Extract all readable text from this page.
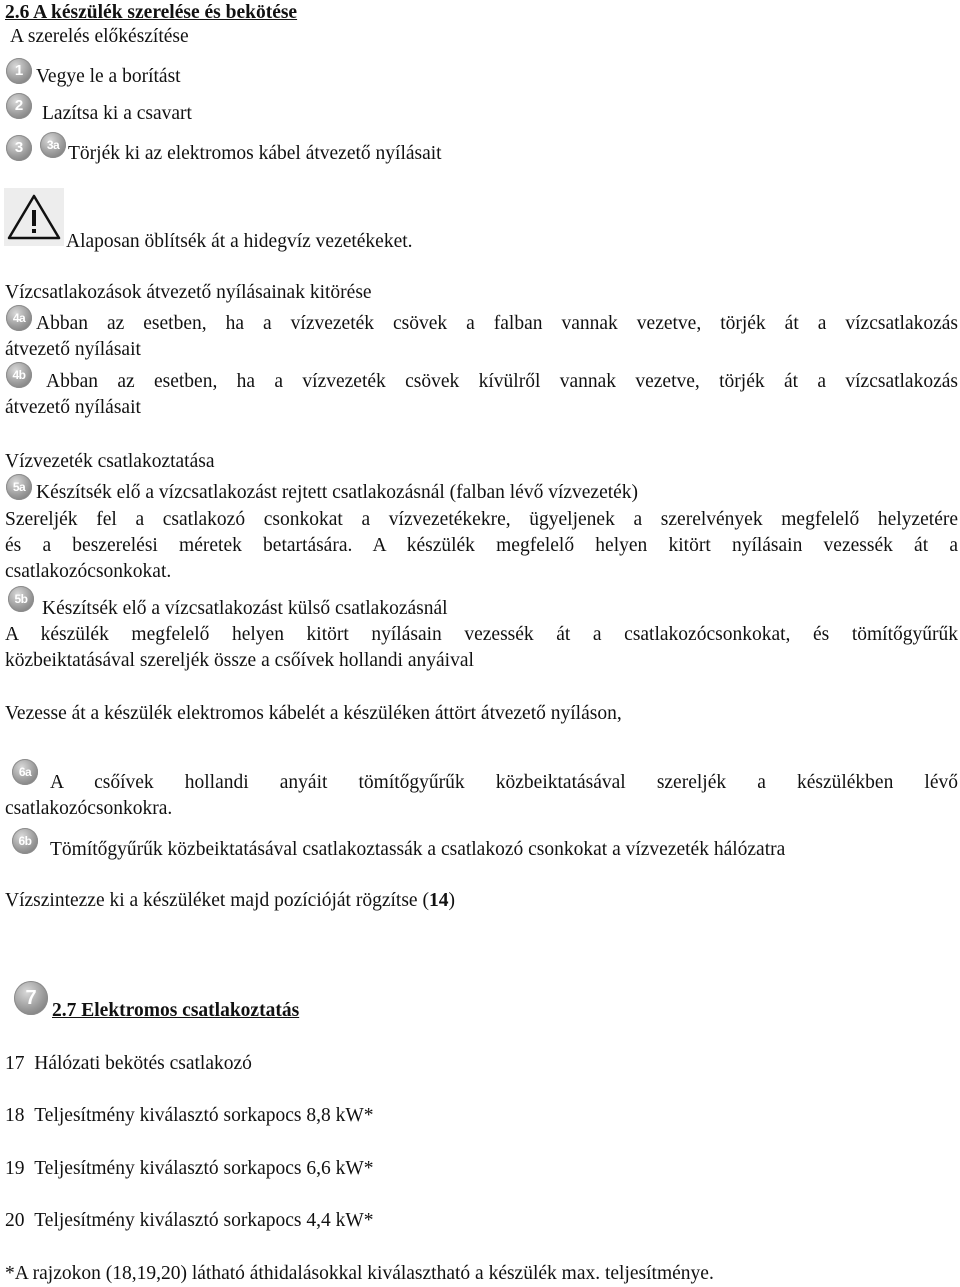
2.6 A készülék szerelése és bekötése
A szerelés előkészítése
1 Vegye le a borítást
2 Lazítsa ki a csavart
3	3a Törjék ki az elektromos kábel átvezető nyílásait
Alaposan öblítsék át a hidegvíz vezetékeket.
Vízcsatlakozások átvezető nyílásainak kitörése
4a Abban az esetben, ha a vízvezeték csövek a falban vannak vezetve, törjék át a vízcsatlakozás
átvezető nyílásait
4b	Abban az esetben, ha a vízvezeték csövek kívülről vannak vezetve, törjék át a vízcsatlakozás
átvezető nyílásait
Vízvezeték csatlakoztatása
5a Készítsék elő a vízcsatlakozást rejtett csatlakozásnál (falban lévő vízvezeték)
Szereljék fel a csatlakozó csonkokat a vízvezetékekre, ügyeljenek a szerelvények megfelelő helyzetére
és a beszerelési méretek betartására. A készülék megfelelő helyen kitört nyílásain vezessék át a
csatlakozócsonkokat.
5b Készítsék elő a vízcsatlakozást külső csatlakozásnál
A készülék megfelelő helyen kitört nyílásain vezessék át a csatlakozócsonkokat, és tömítőgyűrűk
közbeiktatásával szereljék össze a csőívek hollandi anyáival
Vezesse át a készülék elektromos kábelét a készüléken áttört átvezető nyíláson,
6a A csőívek hollandi anyáit tömítőgyűrűk közbeiktatásával szereljék a készülékben lévő
csatlakozócsonkokra.
6b Tömítőgyűrűk közbeiktatásával csatlakoztassák a csatlakozó csonkokat a vízvezeték hálózatra
Vízszintezze ki a készüléket majd pozícióját rögzítse (14)
7
2.7 Elektromos csatlakoztatás
17 Hálózati bekötés csatlakozó
18 Teljesítmény kiválasztó sorkapocs 8,8 kW*
19 Teljesítmény kiválasztó sorkapocs 6,6 kW*
20 Teljesítmény kiválasztó sorkapocs 4,4 kW*
*A rajzokon (18,19,20) látható áthidalásokkal kiválasztható a készülék max. teljesítménye.
